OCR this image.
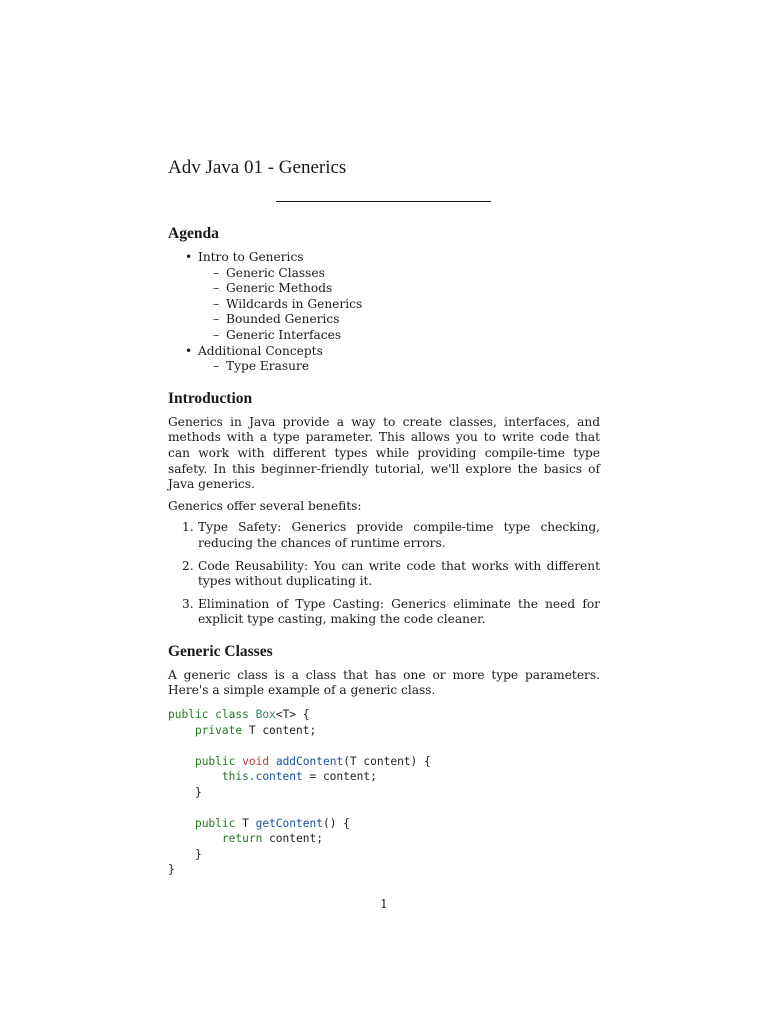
Adv Java 01 - Generics
Agenda
• Intro to Generics
– Generic Classes
– Generic Methods
– Wildcards in Generics
– Bounded Generics
– Generic Interfaces
• Additional Concepts
– Type Erasure
Introduction

Generics in Java provide a way to create classes, interfaces, and methods with a type parameter. This allows you to write code that can work with different types while providing compile-time type safety. In this beginner-friendly tutorial, we'll explore the basics of Java generics.

Generics offer several benefits:

1. Type Safety: Generics provide compile-time type checking, reducing the chances of runtime errors.
2. Code Reusability: You can write code that works with different types without duplicating it.
3. Elimination of Type Casting: Generics eliminate the need for explicit type casting, making the code cleaner.
Generic Classes

A generic class is a class that has one or more type parameters. Here's a simple example of a generic class.

public class Box<T> {
private T content;

public void addContent(T content) {
this.content = content;
}

public T getContent() {
return content;
}
}
1
